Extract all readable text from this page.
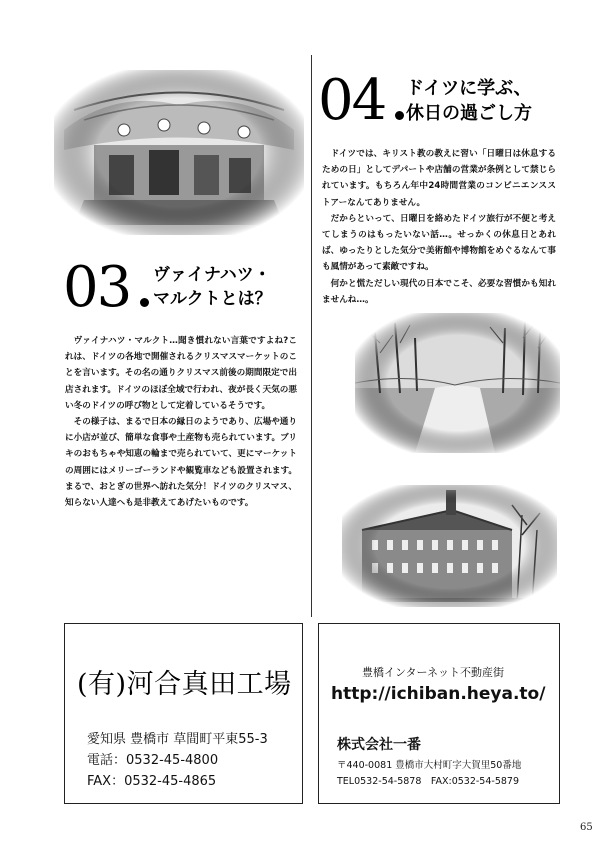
03 ヴァイナハツ・
マルクトとは？

ヴァイナハツ・マルクト…聞き慣れない言葉ですよね?これは、ドイツの各地で開催されるクリスマスマーケットのことを言います。その名の通りクリスマス前後の期間限定で出店されます。ドイツのほぼ全域で行われ、夜が長く天気の悪い冬のドイツの呼び物として定着しているそうです。

その様子は、まるで日本の縁日のようであり、広場や通りに小店が並び、簡単な食事や土産物も売られています。ブリキのおもちゃや知恵の輪まで売られていて、更にマーケットの周囲にはメリーゴーランドや観覧車なども設置されます。まるで、おとぎの世界へ訪れた気分！ドイツのクリスマス、知らない人達へも是非教えてあげたいものです。

04 ドイツに学ぶ、
休日の過ごし方

ドイツでは、キリスト教の教えに習い「日曜日は休息するための日」としてデパートや店舗の営業が条例として禁じられています。もちろん年中24時間営業のコンビニエンスストアーなんてありません。

だからといって、日曜日を絡めたドイツ旅行が不便と考えてしまうのはもったいない話…。せっかくの休息日とあれば、ゆったりとした気分で美術館や博物館をめぐるなんて事も風情があって素敵ですね。

何かと慌ただしい現代の日本でこそ、必要な習慣かも知れませんね…。

(有)河合真田工場
愛知県 豊橋市 草間町平東55-3
電話：0532-45-4800
FAX：0532-45-4865
豊橋インターネット不動産街
http://ichiban.heya.to/
株式会社一番
〒440-0081 豊橋市大村町字大賀里50番地
TEL0532-54-5878　FAX:0532-54-5879
65
